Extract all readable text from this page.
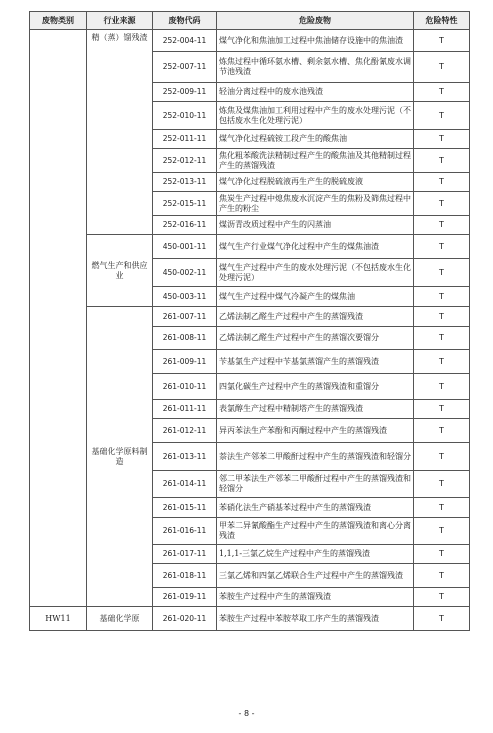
废物类别	行业来源	废物代码	危险废物	危险特性
	精（蒸）馏残渣	252-004-11	煤气净化和焦油加工过程中焦油储存设施中的焦油渣	T
		252-007-11	炼焦过程中循环氨水槽、剩余氨水槽、焦化酚氰废水调节池残渣	T
		252-009-11	轻油分离过程中的废水池残渣	T
		252-010-11	炼焦及煤焦油加工利用过程中产生的废水处理污泥（不包括废水生化处理污泥）	T
		252-011-11	煤气净化过程硫铵工段产生的酸焦油	T
		252-012-11	焦化粗苯酸洗法精制过程产生的酸焦油及其他精制过程产生的蒸馏残渣	T
		252-013-11	煤气净化过程脱硫液再生产生的脱硫废液	T
		252-015-11	焦炭生产过程中熄焦废水沉淀产生的焦粉及筛焦过程中产生的粉尘	T
		252-016-11	煤沥青改质过程中产生的闪蒸油	T
	燃气生产和供应业	450-001-11	煤气生产行业煤气净化过程中产生的煤焦油渣	T
		450-002-11	煤气生产过程中产生的废水处理污泥（不包括废水生化处理污泥）	T
		450-003-11	煤气生产过程中煤气冷凝产生的煤焦油	T
	基础化学原料制造	261-007-11	乙烯法制乙醛生产过程中产生的蒸馏残渣	T
		261-008-11	乙烯法制乙醛生产过程中产生的蒸馏次要馏分	T
		261-009-11	苄基氯生产过程中苄基氯蒸馏产生的蒸馏残渣	T
		261-010-11	四氯化碳生产过程中产生的蒸馏残渣和重馏分	T
		261-011-11	表氯醇生产过程中精制塔产生的蒸馏残渣	T
		261-012-11	异丙苯法生产苯酚和丙酮过程中产生的蒸馏残渣	T
		261-013-11	萘法生产邻苯二甲酸酐过程中产生的蒸馏残渣和轻馏分	T
		261-014-11	邻二甲苯法生产邻苯二甲酸酐过程中产生的蒸馏残渣和轻馏分	T
		261-015-11	苯硝化法生产硝基苯过程中产生的蒸馏残渣	T
		261-016-11	甲苯二异氰酸酯生产过程中产生的蒸馏残渣和离心分离残渣	T
		261-017-11	1,1,1-三氯乙烷生产过程中产生的蒸馏残渣	T
		261-018-11	三氯乙烯和四氯乙烯联合生产过程中产生的蒸馏残渣	T
		261-019-11	苯胺生产过程中产生的蒸馏残渣	T
HW11	基础化学原	261-020-11	苯胺生产过程中苯胺萃取工序产生的蒸馏残渣	T
- 8 -
